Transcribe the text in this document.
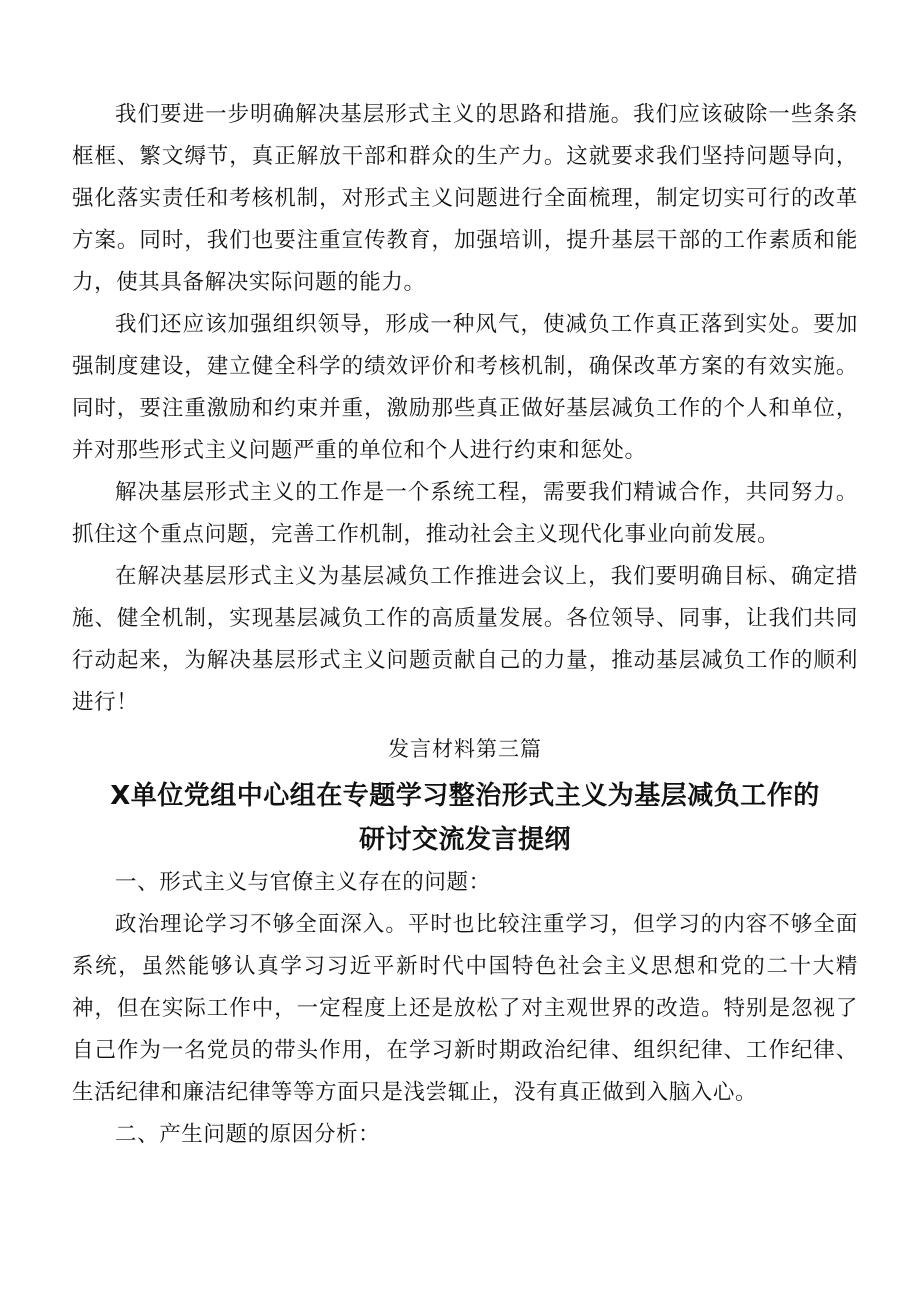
我们要进一步明确解决基层形式主义的思路和措施。我们应该破除一些条条框框、繁文缛节，真正解放干部和群众的生产力。这就要求我们坚持问题导向，强化落实责任和考核机制，对形式主义问题进行全面梳理，制定切实可行的改革方案。同时，我们也要注重宣传教育，加强培训，提升基层干部的工作素质和能力，使其具备解决实际问题的能力。

我们还应该加强组织领导，形成一种风气，使减负工作真正落到实处。要加强制度建设，建立健全科学的绩效评价和考核机制，确保改革方案的有效实施。同时，要注重激励和约束并重，激励那些真正做好基层减负工作的个人和单位，并对那些形式主义问题严重的单位和个人进行约束和惩处。

解决基层形式主义的工作是一个系统工程，需要我们精诚合作，共同努力。抓住这个重点问题，完善工作机制，推动社会主义现代化事业向前发展。

在解决基层形式主义为基层减负工作推进会议上，我们要明确目标、确定措施、健全机制，实现基层减负工作的高质量发展。各位领导、同事，让我们共同行动起来，为解决基层形式主义问题贡献自己的力量，推动基层减负工作的顺利进行！

发言材料第三篇

X单位党组中心组在专题学习整治形式主义为基层减负工作的研讨交流发言提纲

一、形式主义与官僚主义存在的问题：

政治理论学习不够全面深入。平时也比较注重学习，但学习的内容不够全面系统，虽然能够认真学习习近平新时代中国特色社会主义思想和党的二十大精神，但在实际工作中，一定程度上还是放松了对主观世界的改造。特别是忽视了自己作为一名党员的带头作用，在学习新时期政治纪律、组织纪律、工作纪律、生活纪律和廉洁纪律等等方面只是浅尝辄止，没有真正做到入脑入心。

二、产生问题的原因分析：
